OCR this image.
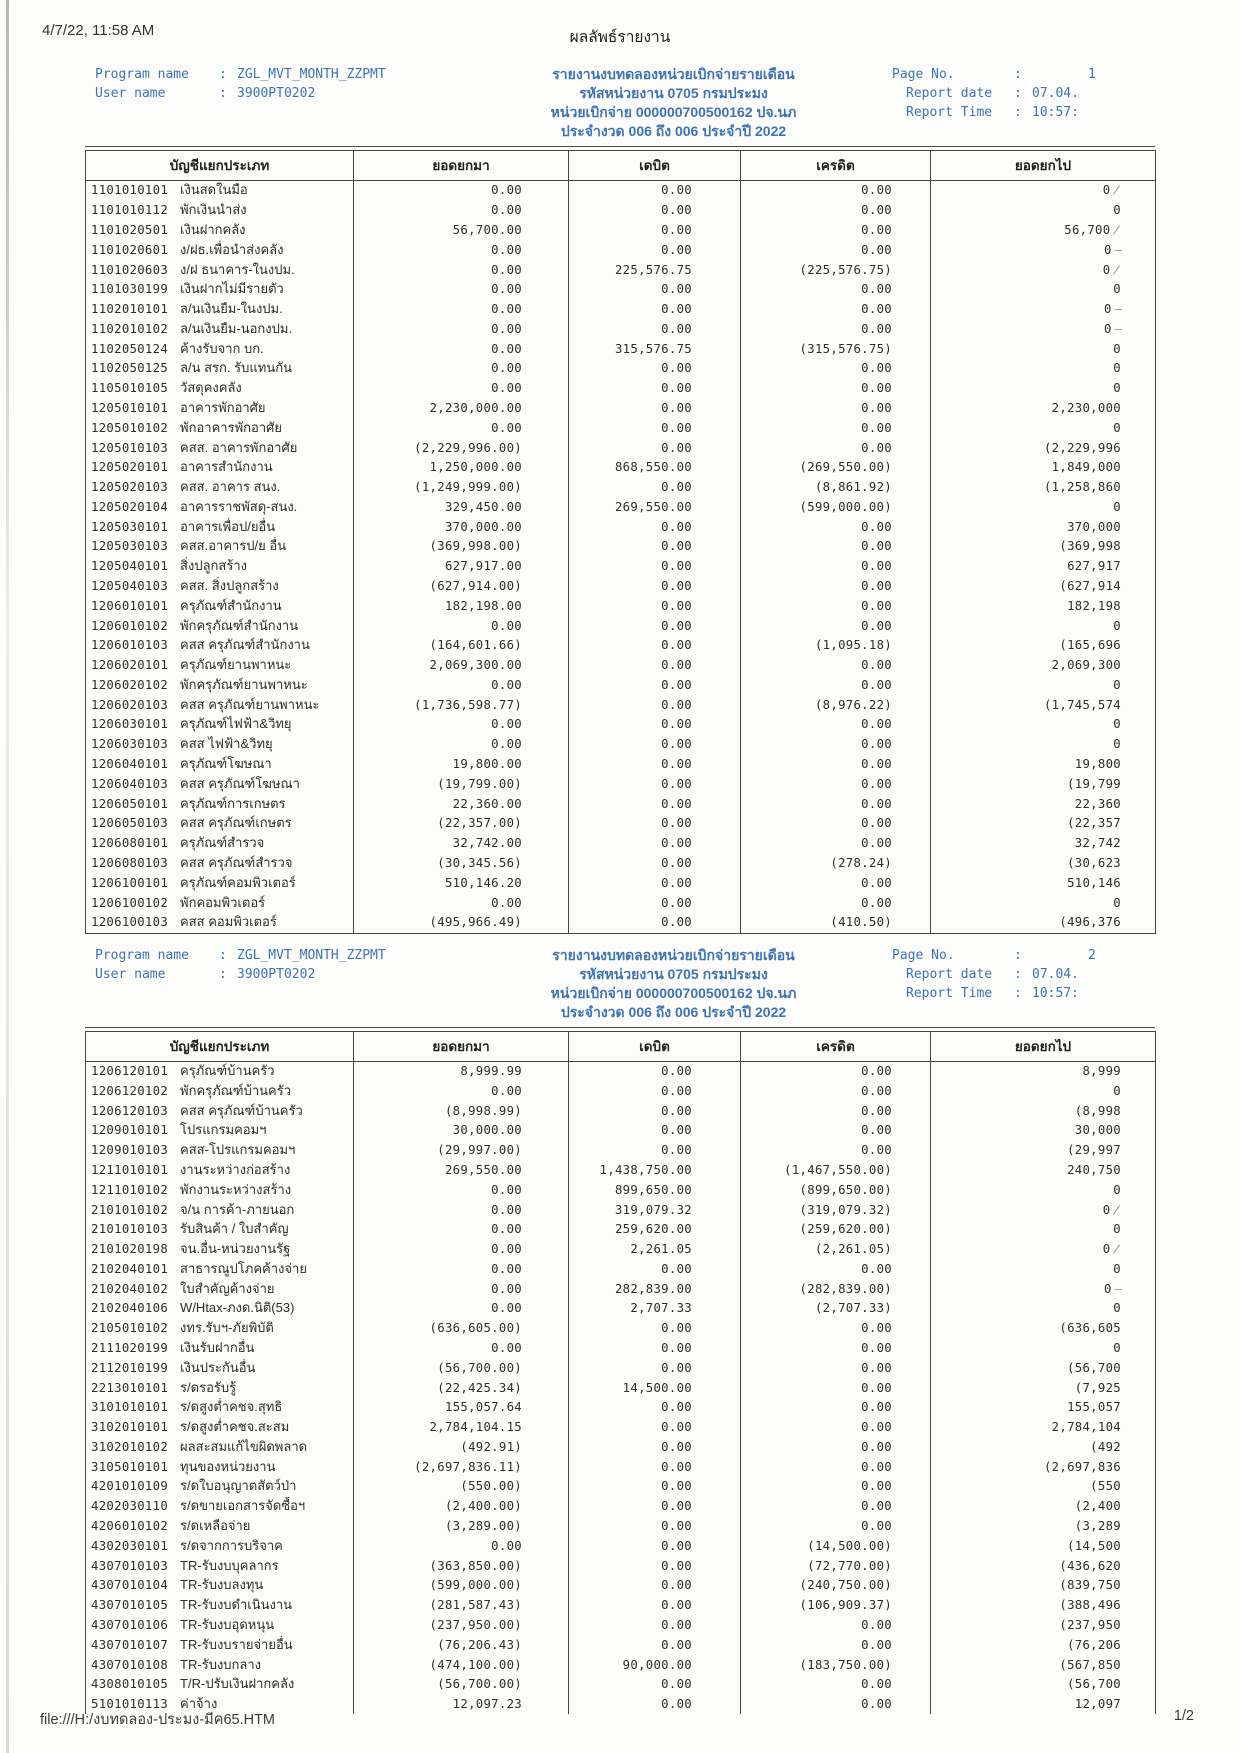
4/7/22, 11:58 AM	ผลลัพธ์รายงาน
Program name : ZGL_MVT_MONTH_ZZPMT
User name	: 3900PT0202
รายงานงบทดลองหน่วยเบิกจ่ายรายเดือน
รหัสหน่วยงาน 0705 กรมประมง
หน่วยเบิกจ่าย 000000700500162 ปจ.นภ
ประจำงวด 006 ถึง 006 ประจำปี 2022
Page No.	:	1
Report date : 07.04.
Report Time : 10:57:
บัญชีแยกประเภท	ยอดยกมา	เดบิต	เครดิต	ยอดยกไป
1101010101 เงินสดในมือ	0.00	0.00	0.00	0 ∕
1101010112 พักเงินนำส่ง	0.00	0.00	0.00	0
1101020501 เงินฝากคลัง	56,700.00	0.00	0.00	56,700 ∕
1101020601 ง/ฝธ.เพื่อนำส่งคลัง	0.00	0.00	0.00	0 –
1101020603 ง/ฝ ธนาคาร-ในงปม.	0.00	225,576.75	(225,576.75)	0 ∕
1101030199 เงินฝากไม่มีรายตัว	0.00	0.00	0.00	0
1102010101 ล/นเงินยืม-ในงปม.	0.00	0.00	0.00	0 –
1102010102 ล/นเงินยืม-นอกงปม.	0.00	0.00	0.00	0 –
1102050124 ค้างรับจาก บก.	0.00	315,576.75	(315,576.75)	0
1102050125 ล/น สรก. รับแทนกัน	0.00	0.00	0.00	0
1105010105 วัสดุคงคลัง	0.00	0.00	0.00	0
1205010101 อาคารพักอาศัย	2,230,000.00	0.00	0.00	2,230,000
1205010102 พักอาคารพักอาศัย	0.00	0.00	0.00	0
1205010103 คสส. อาคารพักอาศัย	(2,229,996.00)	0.00	0.00	(2,229,996
1205020101 อาคารสำนักงาน	1,250,000.00	868,550.00	(269,550.00)	1,849,000
1205020103 คสส. อาคาร สนง.	(1,249,999.00)	0.00	(8,861.92)	(1,258,860
1205020104 อาคารราชพัสดุ-สนง.	329,450.00	269,550.00	(599,000.00)	0
1205030101 อาคารเพื่อป/ยอื่น	370,000.00	0.00	0.00	370,000
1205030103 คสส.อาคารป/ย อื่น	(369,998.00)	0.00	0.00	(369,998
1205040101 สิ่งปลูกสร้าง	627,917.00	0.00	0.00	627,917
1205040103 คสส. สิ่งปลูกสร้าง	(627,914.00)	0.00	0.00	(627,914
1206010101 ครุภัณฑ์สำนักงาน	182,198.00	0.00	0.00	182,198
1206010102 พักครุภัณฑ์สำนักงาน	0.00	0.00	0.00	0
1206010103 คสส ครุภัณฑ์สำนักงาน	(164,601.66)	0.00	(1,095.18)	(165,696
1206020101 ครุภัณฑ์ยานพาหนะ	2,069,300.00	0.00	0.00	2,069,300
1206020102 พักครุภัณฑ์ยานพาหนะ	0.00	0.00	0.00	0
1206020103 คสส ครุภัณฑ์ยานพาหนะ	(1,736,598.77)	0.00	(8,976.22)	(1,745,574
1206030101 ครุภัณฑ์ไฟฟ้า&วิทยุ	0.00	0.00	0.00	0
1206030103 คสส ไฟฟ้า&วิทยุ	0.00	0.00	0.00	0
1206040101 ครุภัณฑ์โฆษณา	19,800.00	0.00	0.00	19,800
1206040103 คสส ครุภัณฑ์โฆษณา	(19,799.00)	0.00	0.00	(19,799
1206050101 ครุภัณฑ์การเกษตร	22,360.00	0.00	0.00	22,360
1206050103 คสส ครุภัณฑ์เกษตร	(22,357.00)	0.00	0.00	(22,357
1206080101 ครุภัณฑ์สำรวจ	32,742.00	0.00	0.00	32,742
1206080103 คสส ครุภัณฑ์สำรวจ	(30,345.56)	0.00	(278.24)	(30,623
1206100101 ครุภัณฑ์คอมพิวเตอร์	510,146.20	0.00	0.00	510,146
1206100102 พักคอมพิวเตอร์	0.00	0.00	0.00	0
1206100103 คสส คอมพิวเตอร์	(495,966.49)	0.00	(410.50)	(496,376
Program name : ZGL_MVT_MONTH_ZZPMT
User name	: 3900PT0202
รายงานงบทดลองหน่วยเบิกจ่ายรายเดือน
รหัสหน่วยงาน 0705 กรมประมง
หน่วยเบิกจ่าย 000000700500162 ปจ.นภ
ประจำงวด 006 ถึง 006 ประจำปี 2022
Page No.	:	2
Report date : 07.04.
Report Time : 10:57:
บัญชีแยกประเภท	ยอดยกมา	เดบิต	เครดิต	ยอดยกไป
1206120101 ครุภัณฑ์บ้านครัว	8,999.99	0.00	0.00	8,999
1206120102 พักครุภัณฑ์บ้านครัว	0.00	0.00	0.00	0
1206120103 คสส ครุภัณฑ์บ้านครัว	(8,998.99)	0.00	0.00	(8,998
1209010101 โปรแกรมคอมฯ	30,000.00	0.00	0.00	30,000
1209010103 คสส-โปรแกรมคอมฯ	(29,997.00)	0.00	0.00	(29,997
1211010101 งานระหว่างก่อสร้าง	269,550.00	1,438,750.00	(1,467,550.00)	240,750
1211010102 พักงานระหว่างสร้าง	0.00	899,650.00	(899,650.00)	0
2101010102 จ/น การค้า-ภายนอก	0.00	319,079.32	(319,079.32)	0 ∕
2101010103 รับสินค้า / ใบสำคัญ	0.00	259,620.00	(259,620.00)	0
2101020198 จน.อื่น-หน่วยงานรัฐ	0.00	2,261.05	(2,261.05)	0 ∕
2102040101 สาธารณูปโภคค้างจ่าย	0.00	0.00	0.00	0
2102040102 ใบสำคัญค้างจ่าย	0.00	282,839.00	(282,839.00)	0 –
2102040106 W/Htax-ภงด.นิติ(53)	0.00	2,707.33	(2,707.33)	0
2105010102 งทร.รับฯ-ภัยพิบัติ	(636,605.00)	0.00	0.00	(636,605
2111020199 เงินรับฝากอื่น	0.00	0.00	0.00	0
2112010199 เงินประกันอื่น	(56,700.00)	0.00	0.00	(56,700
2213010101 ร/ดรอรับรู้	(22,425.34)	14,500.00	0.00	(7,925
3101010101 ร/ดสูงต่ำคชจ.สุทธิ	155,057.64	0.00	0.00	155,057
3102010101 ร/ดสูงต่ำคชจ.สะสม	2,784,104.15	0.00	0.00	2,784,104
3102010102 ผลสะสมแก้ไขผิดพลาด	(492.91)	0.00	0.00	(492
3105010101 ทุนของหน่วยงาน	(2,697,836.11)	0.00	0.00	(2,697,836
4201010109 ร/ดใบอนุญาตสัตว์ป่า	(550.00)	0.00	0.00	(550
4202030110 ร/ดขายเอกสารจัดซื้อฯ	(2,400.00)	0.00	0.00	(2,400
4206010102 ร/ดเหลือจ่าย	(3,289.00)	0.00	0.00	(3,289
4302030101 ร/ดจากการบริจาค	0.00	0.00	(14,500.00)	(14,500
4307010103 TR-รับงบบุคลากร	(363,850.00)	0.00	(72,770.00)	(436,620
4307010104 TR-รับงบลงทุน	(599,000.00)	0.00	(240,750.00)	(839,750
4307010105 TR-รับงบดำเนินงาน	(281,587.43)	0.00	(106,909.37)	(388,496
4307010106 TR-รับงบอุดหนุน	(237,950.00)	0.00	0.00	(237,950
4307010107 TR-รับงบรายจ่ายอื่น	(76,206.43)	0.00	0.00	(76,206
4307010108 TR-รับงบกลาง	(474,100.00)	90,000.00	(183,750.00)	(567,850
4308010105 T/R-ปรับเงินฝากคลัง	(56,700.00)	0.00	0.00	(56,700
5101010113 ค่าจ้าง	12,097.23	0.00	0.00	12,097
file:///H:/งบทดลอง-ประมง-มีค65.HTM	1/2
